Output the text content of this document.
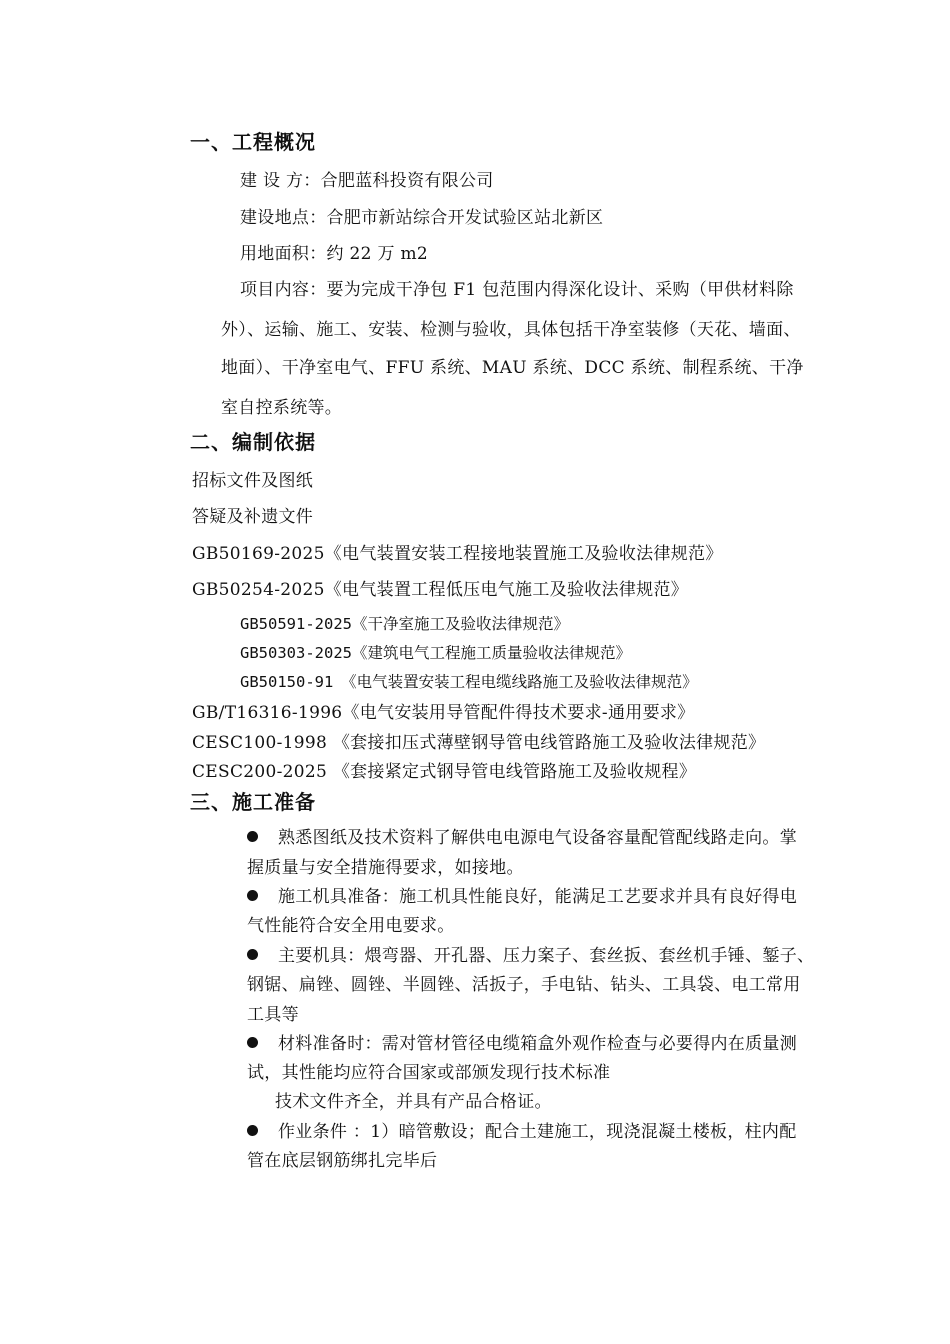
一、工程概况
建 设 方：合肥蓝科投资有限公司
建设地点：合肥市新站综合开发试验区站北新区
用地面积：约 22 万 m2
项目内容：要为完成干净包 F1 包范围内得深化设计、采购（甲供材料除
外）、运输、施工、安装、检测与验收，具体包括干净室装修（天花、墙面、
地面）、干净室电气、FFU 系统、MAU 系统、DCC 系统、制程系统、干净
室自控系统等。
二、编制依据
招标文件及图纸
答疑及补遗文件
GB50169-2025《电气装置安装工程接地装置施工及验收法律规范》
GB50254-2025《电气装置工程低压电气施工及验收法律规范》
GB50591-2025《干净室施工及验收法律规范》
GB50303-2025《建筑电气工程施工质量验收法律规范》
GB50150-91　《电气装置安装工程电缆线路施工及验收法律规范》
GB/T16316-1996《电气安装用导管配件得技术要求-通用要求》
CESC100-1998 《套接扣压式薄壁钢导管电线管路施工及验收法律规范》
CESC200-2025 《套接紧定式钢导管电线管路施工及验收规程》
三、施工准备
熟悉图纸及技术资料了解供电电源电气设备容量配管配线路走向。掌
握质量与安全措施得要求，如接地。
施工机具准备：施工机具性能良好，能满足工艺要求并具有良好得电
气性能符合安全用电要求。
主要机具：煨弯器、开孔器、压力案子、套丝扳、套丝机手锤、錾子、
钢锯、扁锉、圆锉、半圆锉、活扳子，手电钻、钻头、工具袋、电工常用
工具等
材料准备时：需对管材管径电缆箱盒外观作检查与必要得内在质量测
试，其性能均应符合国家或部颁发现行技术标准
技术文件齐全，并具有产品合格证。
作业条件 ：1）暗管敷设；配合土建施工，现浇混凝土楼板，柱内配
管在底层钢筋绑扎完毕后
